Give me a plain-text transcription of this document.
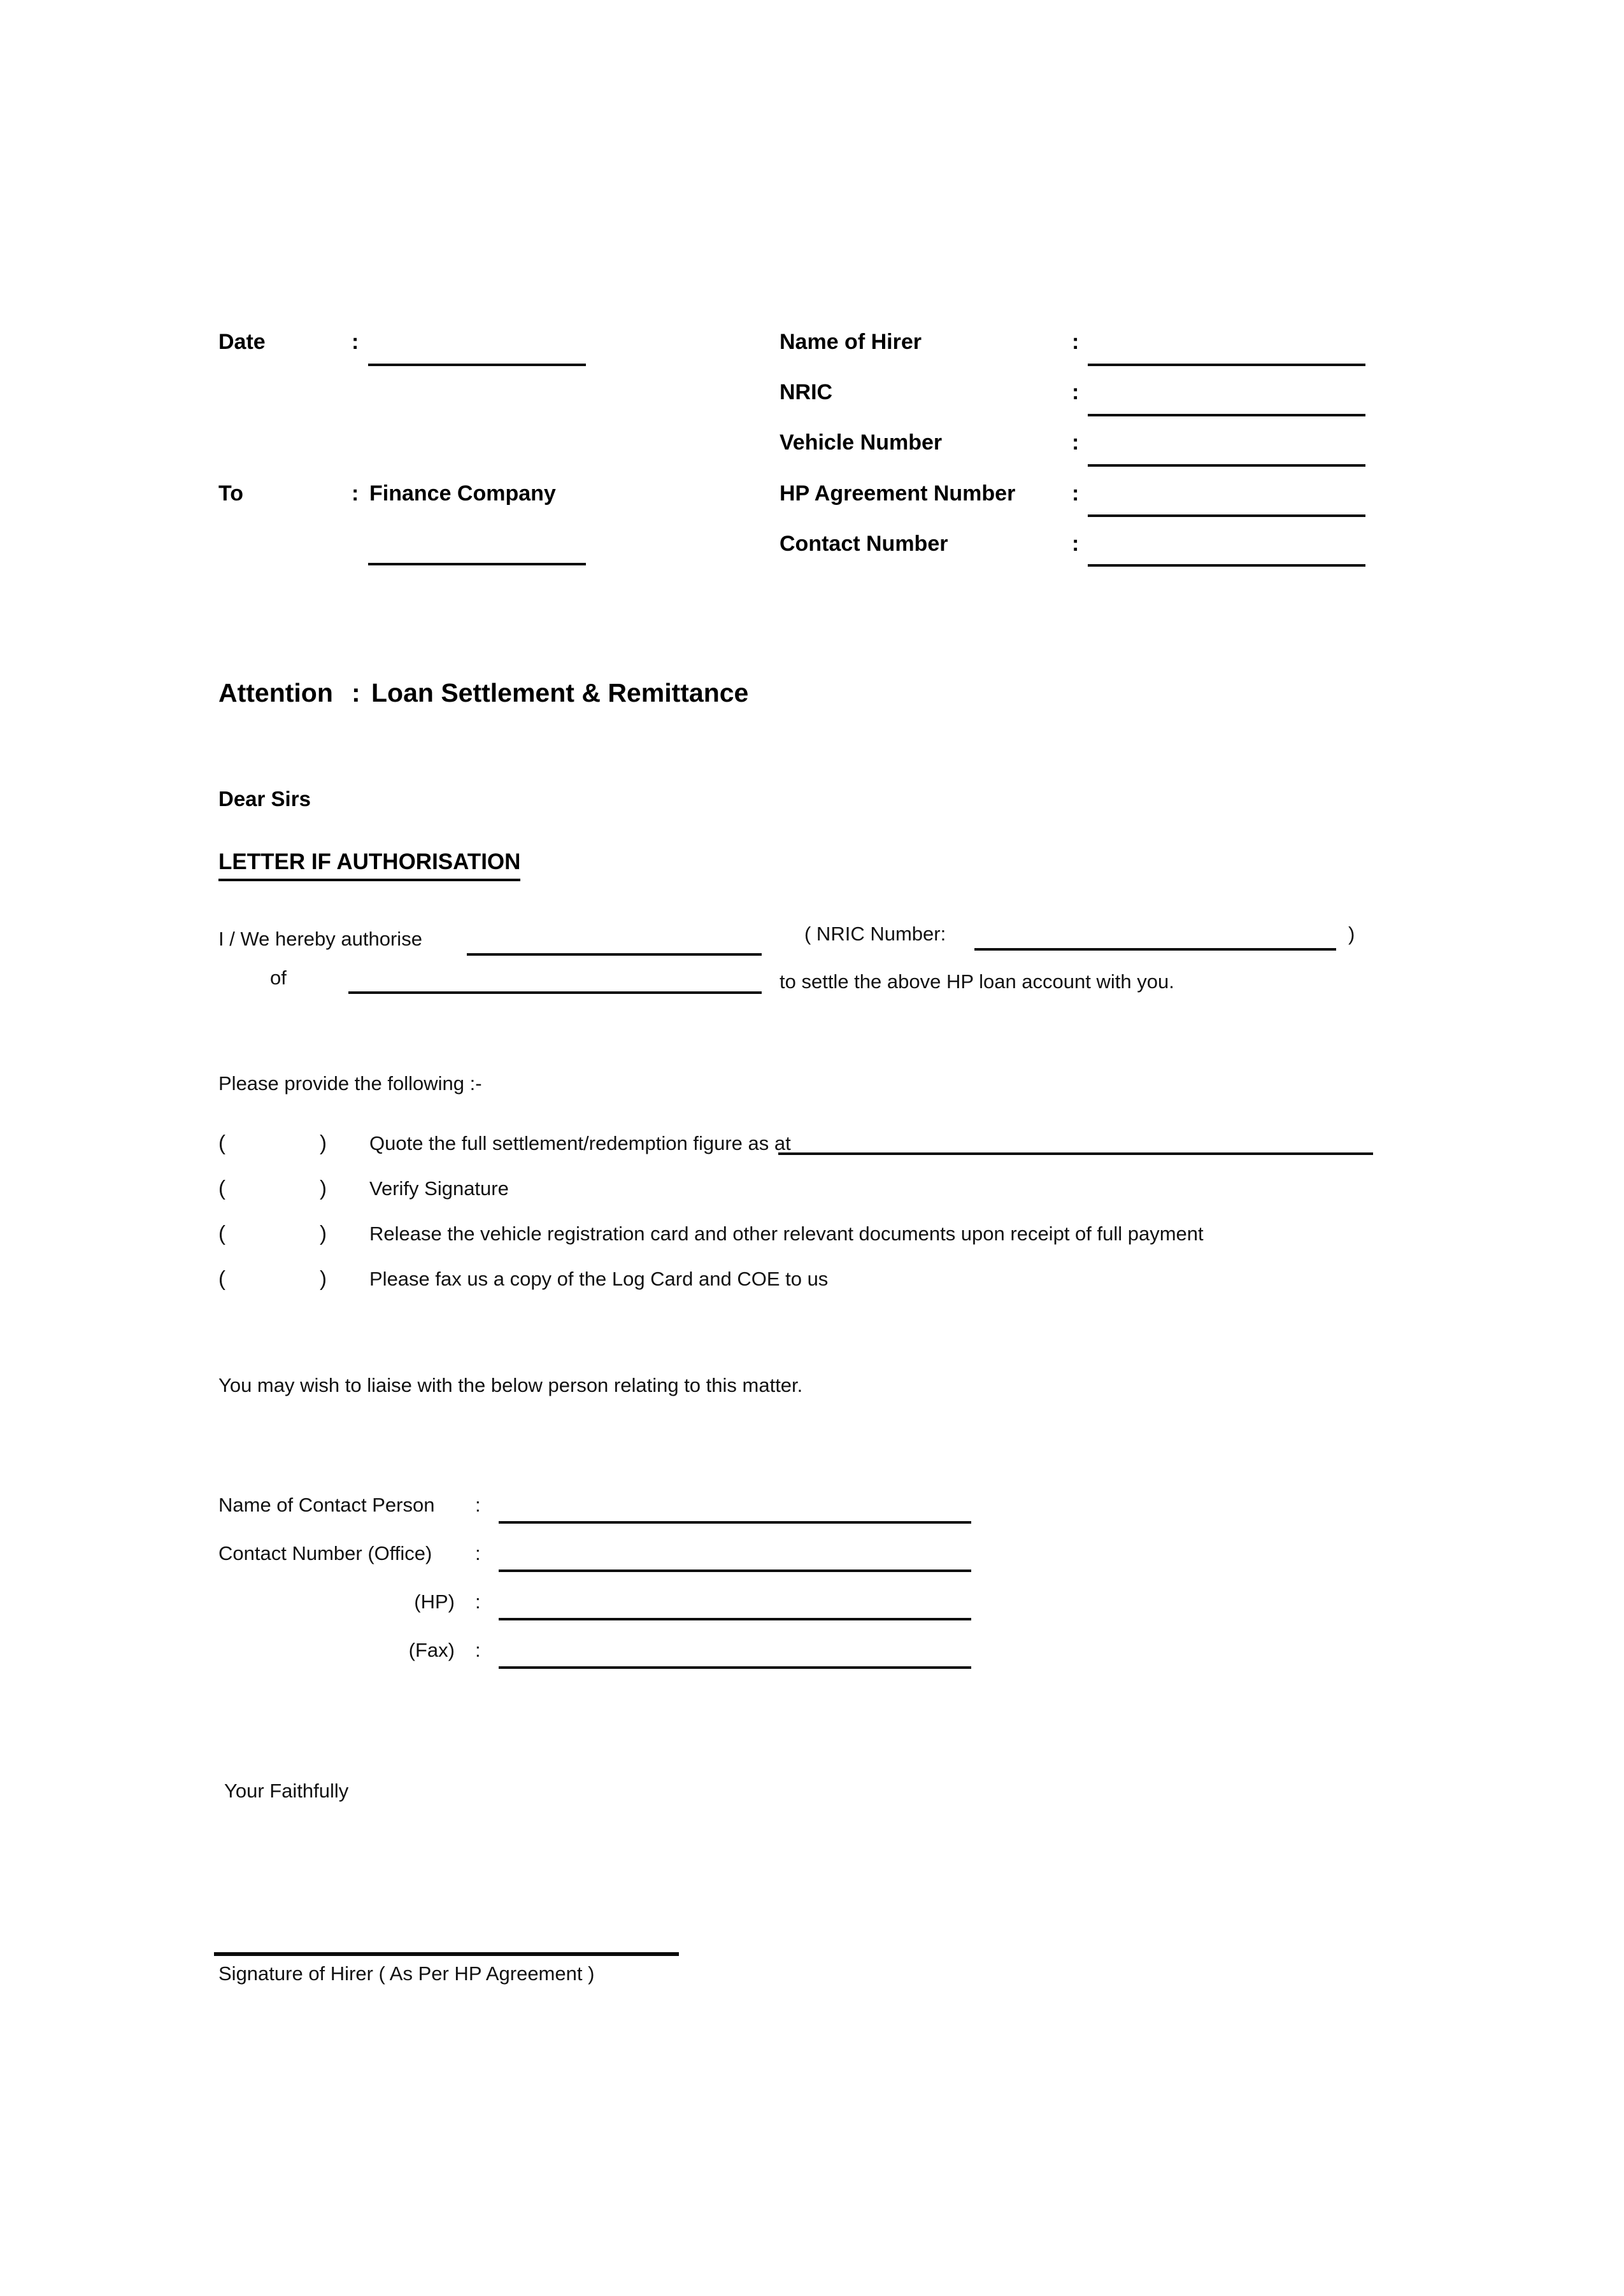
Date	:
To	: Finance Company
Name of Hirer	:
NRIC	:
Vehicle Number	:
HP Agreement Number	:
Contact Number	:
Attention : Loan Settlement & Remittance
Dear Sirs
LETTER IF AUTHORISATION
I / We hereby authorise	( NRIC Number:	)
of	to settle the above HP loan account with you.
Please provide the following :-
(	) Quote the full settlement/redemption figure as at
(	) Verify Signature
(	) Release the vehicle registration card and other relevant documents upon receipt of full payment
(	) Please fax us a copy of the Log Card and COE to us
You may wish to liaise with the below person relating to this matter.
Name of Contact Person	:
Contact Number (Office)	:
(HP) :
(Fax) :
Your Faithfully
Signature of Hirer ( As Per HP Agreement )
